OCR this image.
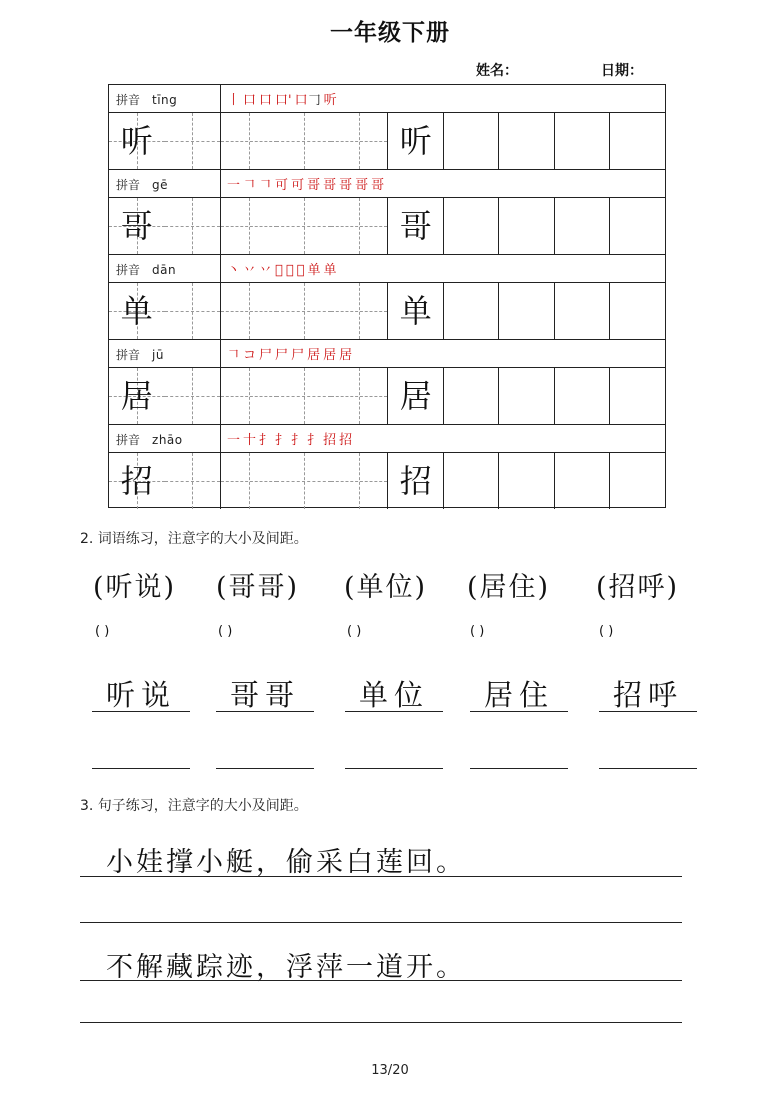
一年级下册
姓名：	日期：
拼音 tīng	丨 口 口 口' 口𠃌 听
听	听
拼音 gē	一 𠃍 𠃍 可 可 哥 哥 哥 哥 哥
哥	哥
拼音 dān	丶 丷 丷 𫝀 𫝀 𫝀 单 单
单	单
拼音 jū	𠃍 コ 尸 尸 尸 居 居 居
居	居
拼音 zhāo	一 十 扌 扌 扌 扌 招 招
招	招
2. 词语练习，注意字的大小及间距。
(听说) (哥哥) (单位) (居住) (招呼)
( )	( )	( )	( )	( )
听说	哥哥	单位	居住	招呼
3. 句子练习，注意字的大小及间距。
小娃撑小艇，偷采白莲回。
不解藏踪迹，浮萍一道开。
13/20
